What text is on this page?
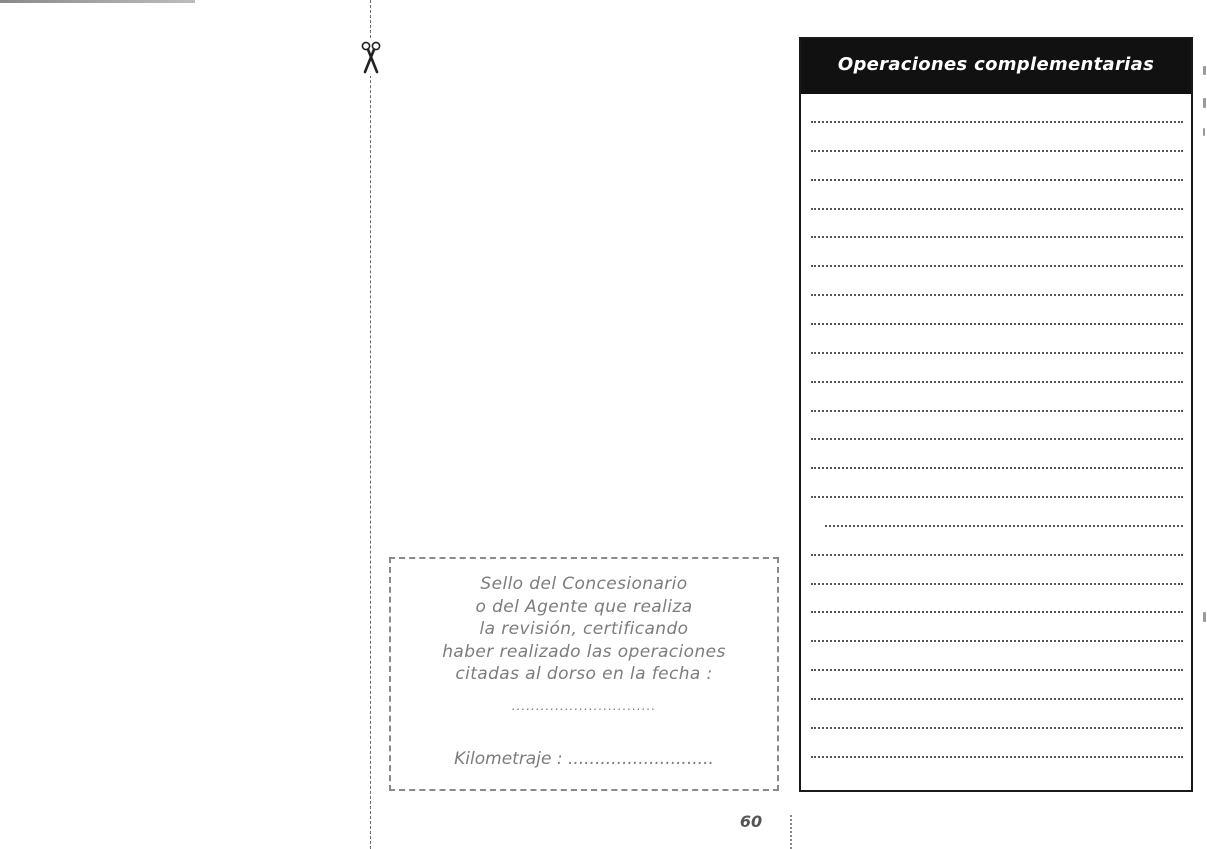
Sello del Concesionario
o del Agente que realiza
la revisión, certificando
haber realizado las operaciones
citadas al dorso en la fecha :
..............................
Kilometraje : ...........................
60
Operaciones complementarias
